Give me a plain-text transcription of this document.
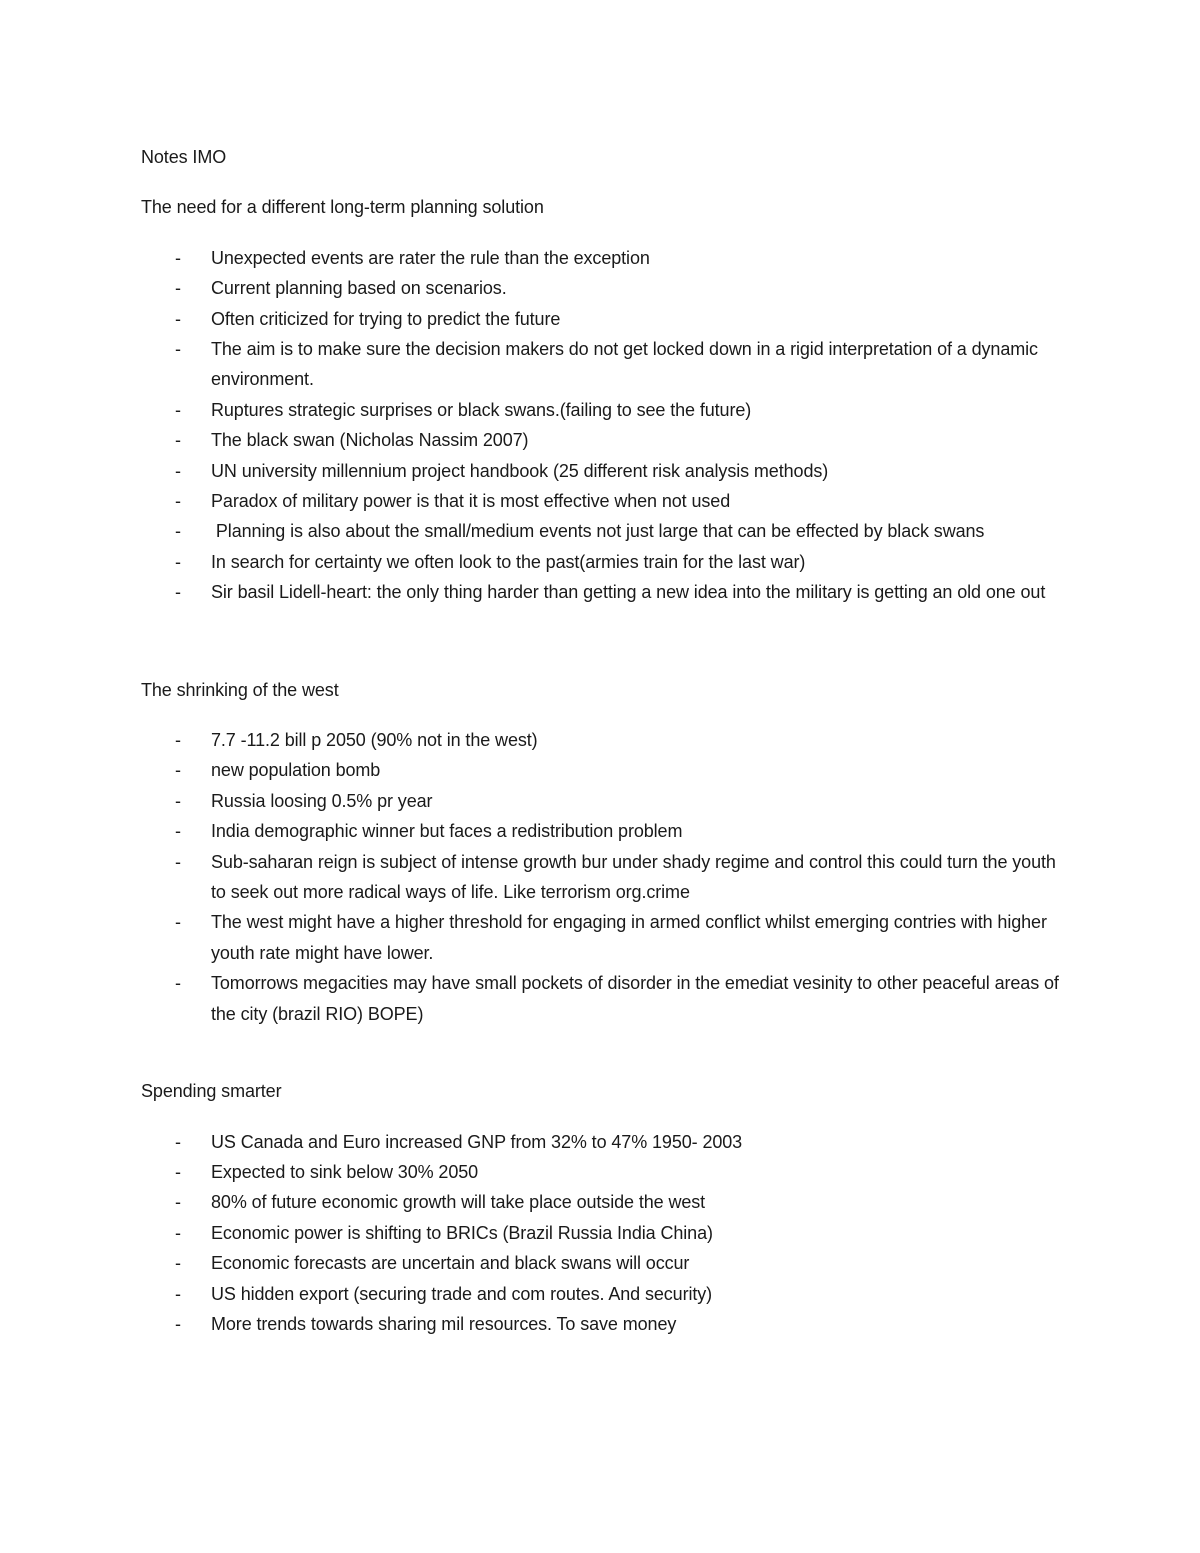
Notes IMO
The need for a different long-term planning solution
- Unexpected events are rater the rule than the exception
- Current planning based on scenarios.
- Often criticized for trying to predict the future
- The aim is to make sure the decision makers do not get locked down in a rigid interpretation of a dynamic environment.
- Ruptures strategic surprises or black swans.(failing to see the future)
- The black swan (Nicholas Nassim 2007)
- UN university millennium project handbook (25 different risk analysis methods)
- Paradox of military power is that it is most effective when not used
- Planning is also about the small/medium events not just large that can be effected by black swans
- In search for certainty we often look to the past(armies train for the last war)
- Sir basil Lidell-heart: the only thing harder than getting a new idea into the military is getting an old one out
The shrinking of the west
- 7.7 -11.2 bill p 2050 (90% not in the west)
- new population bomb
- Russia loosing 0.5% pr year
- India demographic winner but faces a redistribution problem
- Sub-saharan reign is subject of intense growth bur under shady regime and control this could turn the youth to seek out more radical ways of life. Like terrorism org.crime
- The west might have a higher threshold for engaging in armed conflict whilst emerging contries with higher youth rate might have lower.
- Tomorrows megacities may have small pockets of disorder in the emediat vesinity to other peaceful areas of the city (brazil RIO) BOPE)
Spending smarter
- US Canada and Euro increased GNP from 32% to 47% 1950- 2003
- Expected to sink below 30% 2050
- 80% of future economic growth will take place outside the west
- Economic power is shifting to BRICs (Brazil Russia India China)
- Economic forecasts are uncertain and black swans will occur
- US hidden export (securing trade and com routes. And security)
- More trends towards sharing mil resources. To save money
